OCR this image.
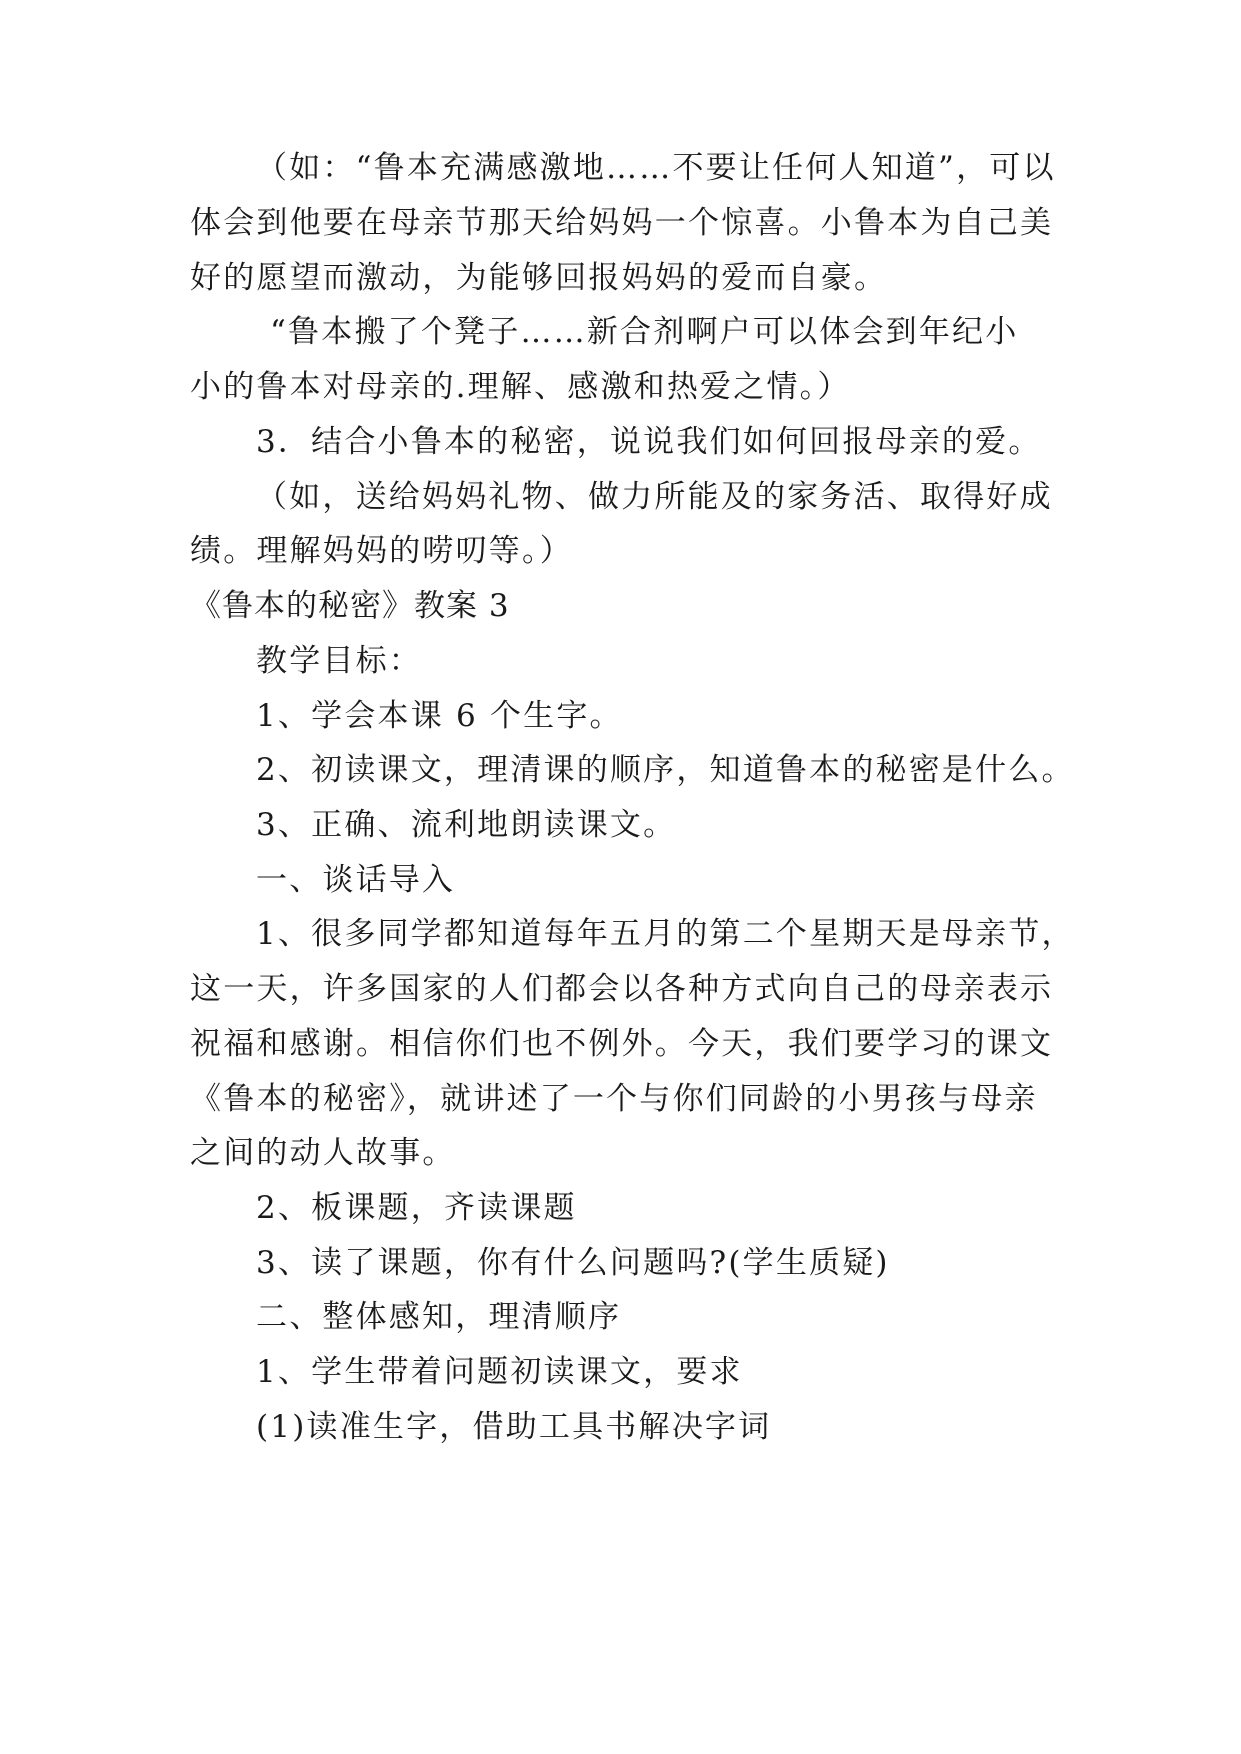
（如：“鲁本充满感激地……不要让任何人知道”，可以
体会到他要在母亲节那天给妈妈一个惊喜。小鲁本为自己美
好的愿望而激动，为能够回报妈妈的爱而自豪。
“鲁本搬了个凳子……新合剂啊户可以体会到年纪小
小的鲁本对母亲的.理解、感激和热爱之情。）
3．结合小鲁本的秘密，说说我们如何回报母亲的爱。
（如，送给妈妈礼物、做力所能及的家务活、取得好成
绩。理解妈妈的唠叨等。）
《鲁本的秘密》教案 3
教学目标：
1、学会本课 6 个生字。
2、初读课文，理清课的顺序，知道鲁本的秘密是什么。
3、正确、流利地朗读课文。
一、谈话导入
1、很多同学都知道每年五月的第二个星期天是母亲节，
这一天，许多国家的人们都会以各种方式向自己的母亲表示
祝福和感谢。相信你们也不例外。今天，我们要学习的课文
《鲁本的秘密》，就讲述了一个与你们同龄的小男孩与母亲
之间的动人故事。
2、板课题，齐读课题
3、读了课题，你有什么问题吗?(学生质疑)
二、整体感知，理清顺序
1、学生带着问题初读课文，要求
(1)读准生字，借助工具书解决字词
